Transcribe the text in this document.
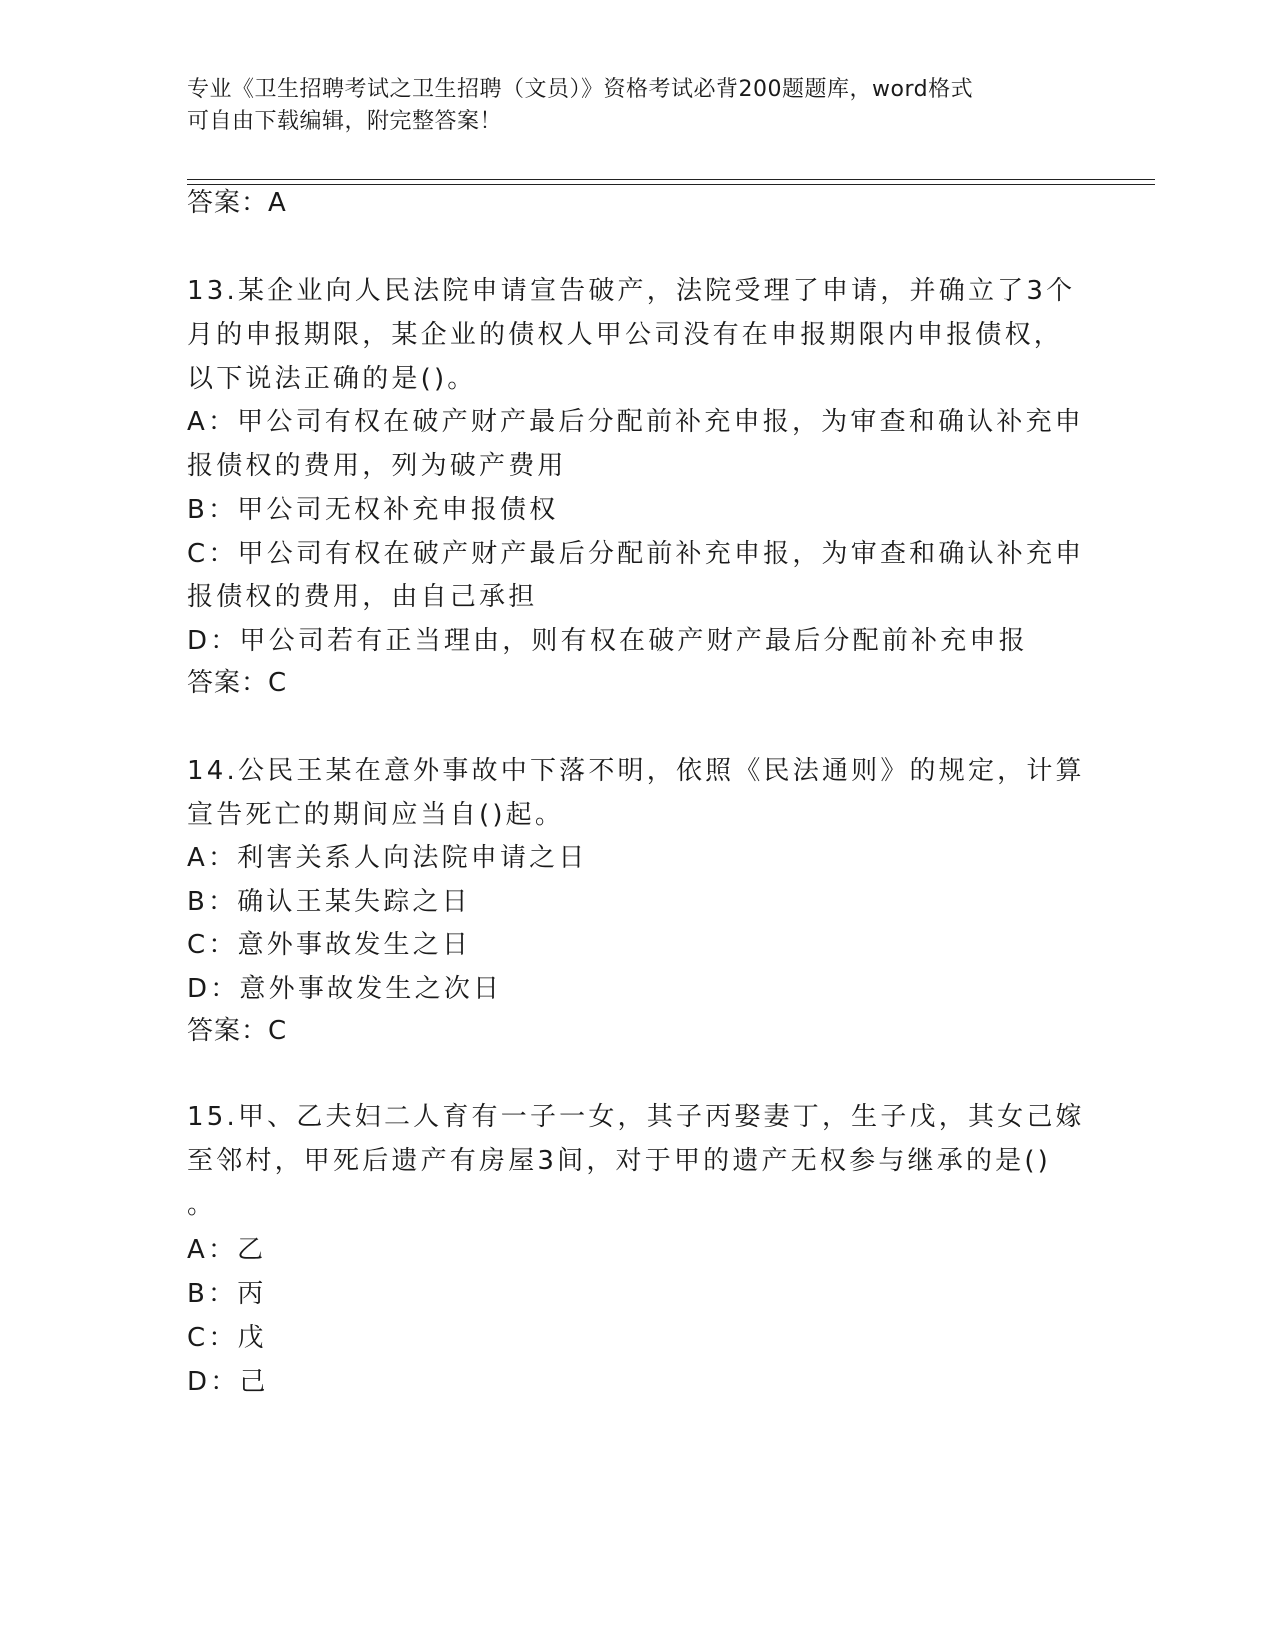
专业《卫生招聘考试之卫生招聘（文员）》资格考试必背200题题库，word格式
可自由下载编辑，附完整答案！
答案：A
13.某企业向人民法院申请宣告破产，法院受理了申请，并确立了3个
月的申报期限，某企业的债权人甲公司没有在申报期限内申报债权，
以下说法正确的是()。
A：甲公司有权在破产财产最后分配前补充申报，为审查和确认补充申
报债权的费用，列为破产费用
B：甲公司无权补充申报债权
C：甲公司有权在破产财产最后分配前补充申报，为审查和确认补充申
报债权的费用，由自己承担
D：甲公司若有正当理由，则有权在破产财产最后分配前补充申报
答案：C
14.公民王某在意外事故中下落不明，依照《民法通则》的规定，计算
宣告死亡的期间应当自()起。
A：利害关系人向法院申请之日
B：确认王某失踪之日
C：意外事故发生之日
D：意外事故发生之次日
答案：C
15.甲、乙夫妇二人育有一子一女，其子丙娶妻丁，生子戊，其女己嫁
至邻村，甲死后遗产有房屋3间，对于甲的遗产无权参与继承的是()
。
A：乙
B：丙
C：戊
D：己
